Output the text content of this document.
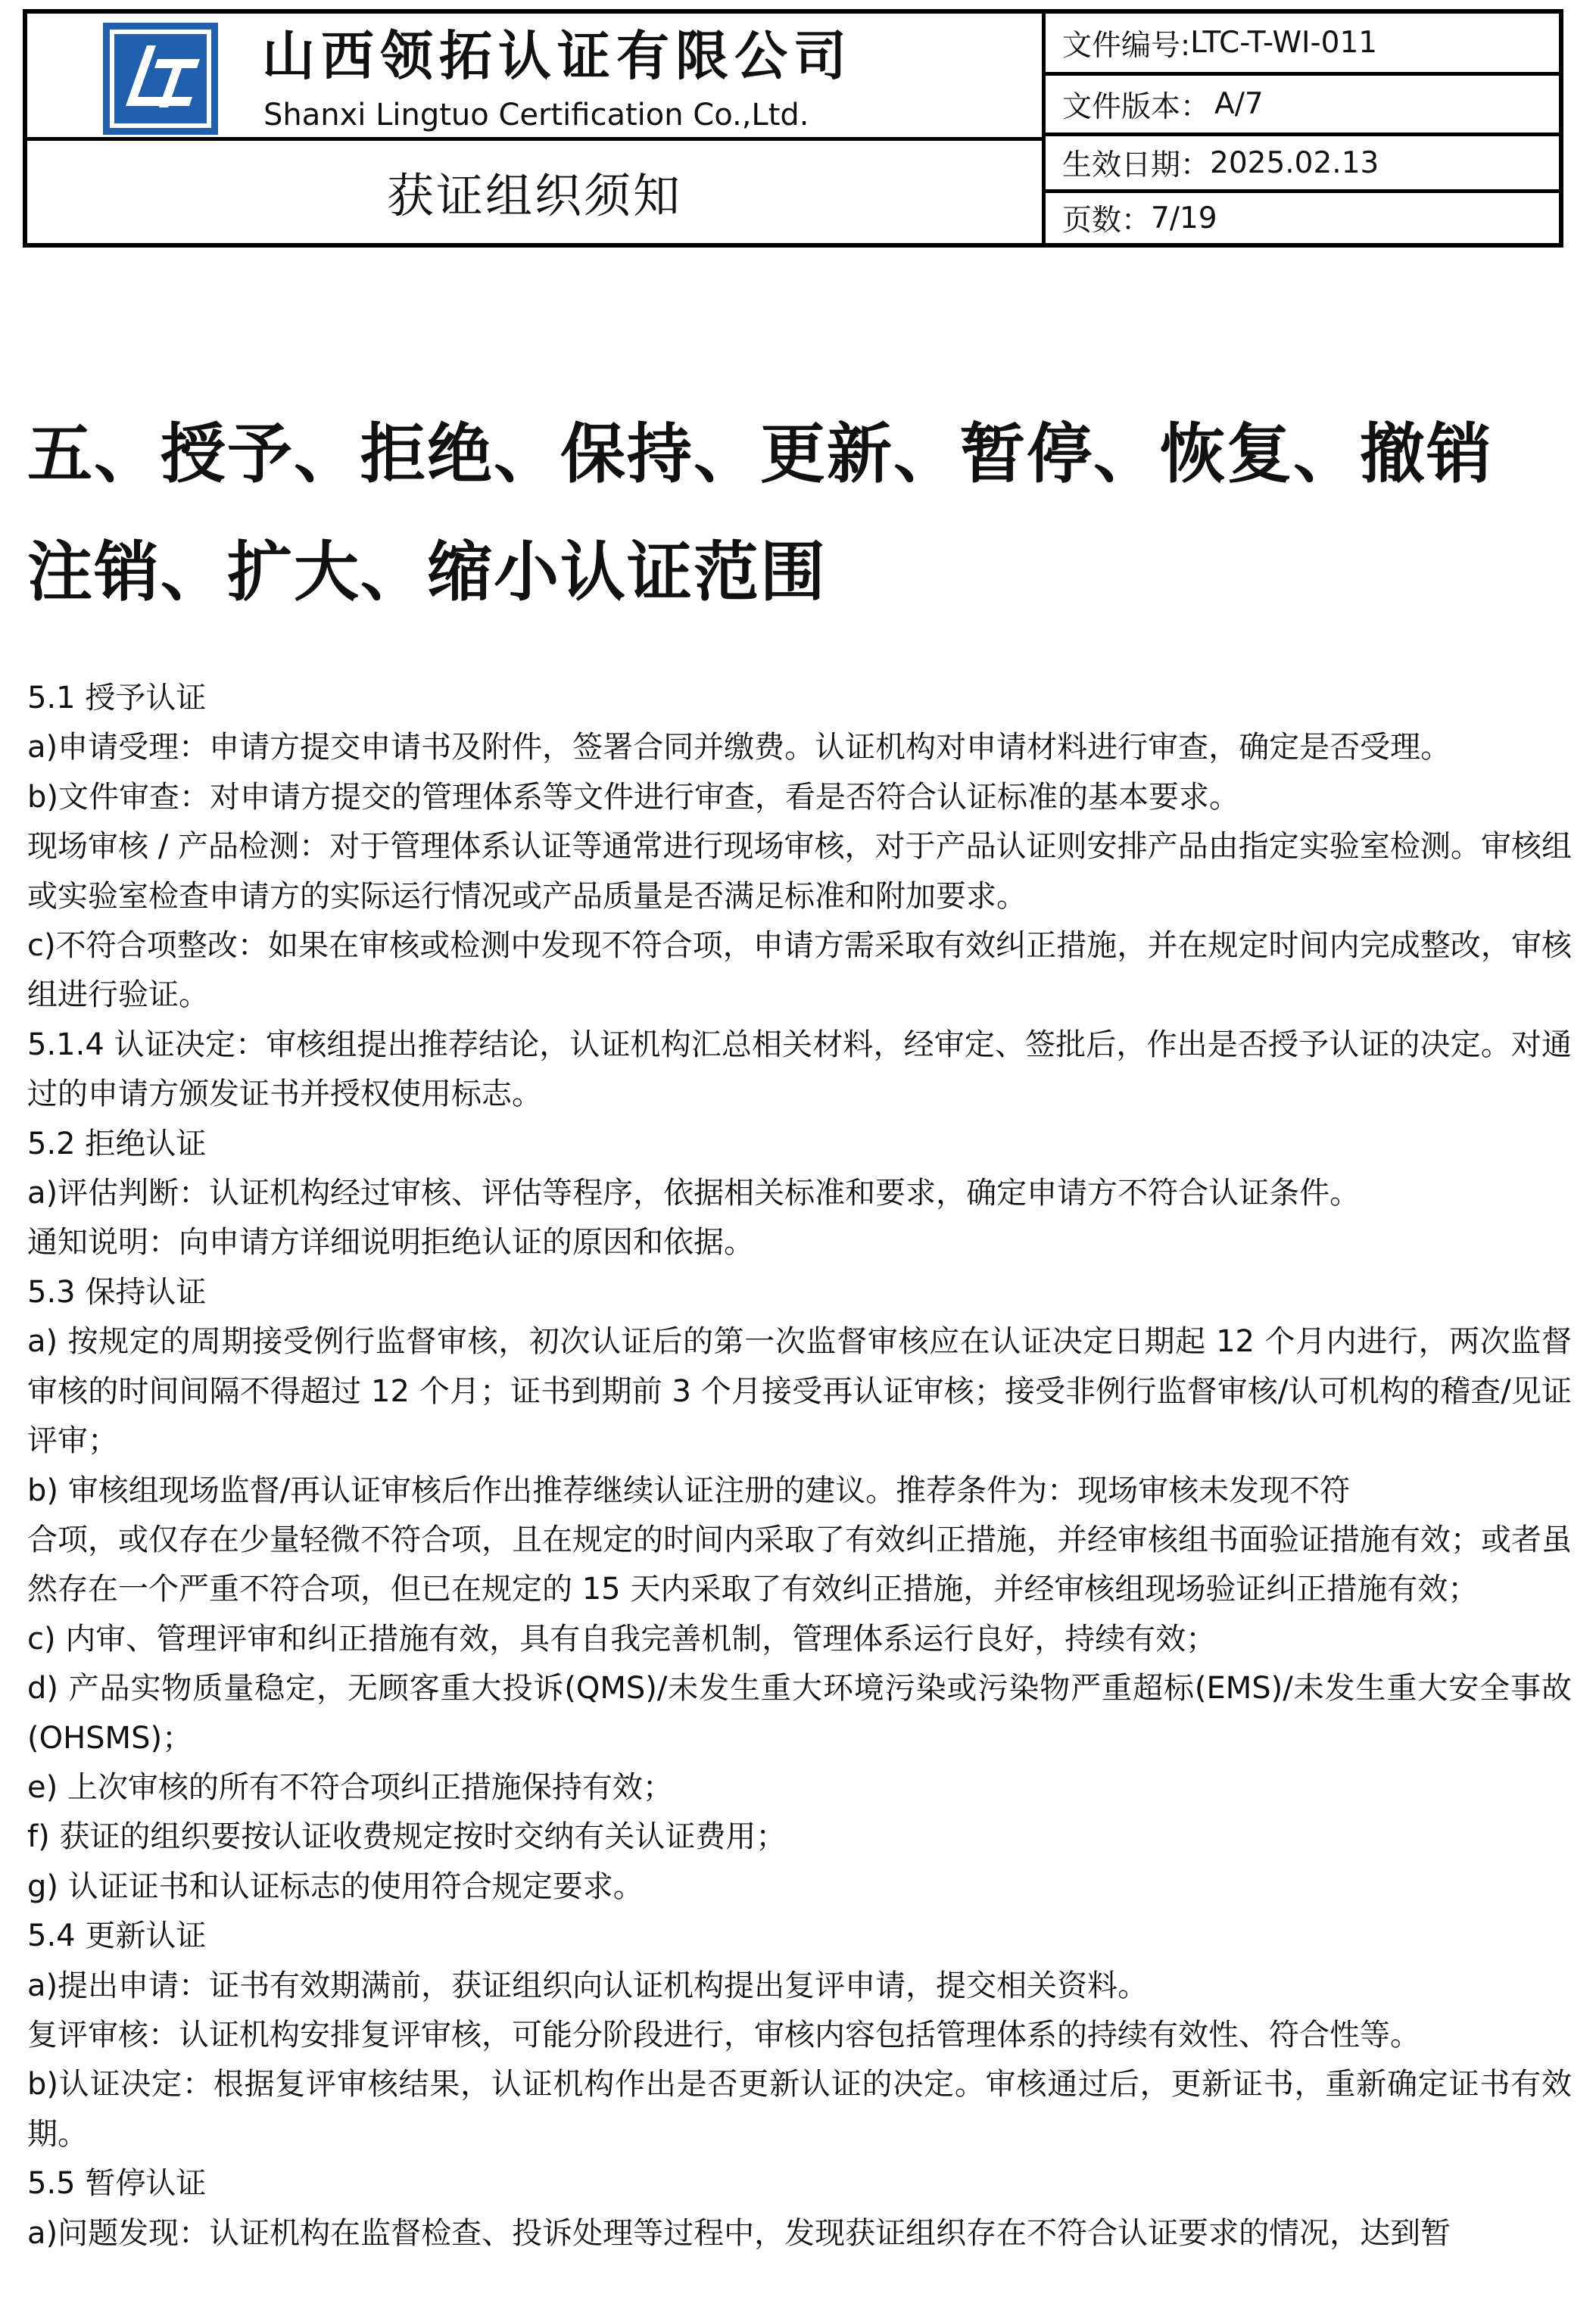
山西领拓认证有限公司
Shanxi Lingtuo Certification Co.,Ltd.
获证组织须知
文件编号: LTC-T-WI-011
文件版本： A/7
生效日期： 2025.02.13
页数： 7/19
五、授予、拒绝、保持、更新、暂停、恢复、撤销
注销、扩大、缩小认证范围

5.1 授予认证

a)申请受理：申请方提交申请书及附件，签署合同并缴费。认证机构对申请材料进行审查，确定是否受理。

b)文件审查：对申请方提交的管理体系等文件进行审查，看是否符合认证标准的基本要求。

现场审核 / 产品检测：对于管理体系认证等通常进行现场审核，对于产品认证则安排产品由指定实验室检测。审核组或实验室检查申请方的实际运行情况或产品质量是否满足标准和附加要求。

c)不符合项整改：如果在审核或检测中发现不符合项，申请方需采取有效纠正措施，并在规定时间内完成整改，审核组进行验证。

5.1.4 认证决定：审核组提出推荐结论，认证机构汇总相关材料，经审定、签批后，作出是否授予认证的决定。对通过的申请方颁发证书并授权使用标志。

5.2 拒绝认证

a)评估判断：认证机构经过审核、评估等程序，依据相关标准和要求，确定申请方不符合认证条件。

通知说明：向申请方详细说明拒绝认证的原因和依据。

5.3 保持认证

a) 按规定的周期接受例行监督审核，初次认证后的第一次监督审核应在认证决定日期起 12 个月内进行，两次监督审核的时间间隔不得超过 12 个月；证书到期前 3 个月接受再认证审核；接受非例行监督审核/认可机构的稽查/见证评审；

b) 审核组现场监督/再认证审核后作出推荐继续认证注册的建议。推荐条件为：现场审核未发现不符

合项，或仅存在少量轻微不符合项，且在规定的时间内采取了有效纠正措施，并经审核组书面验证措施有效；或者虽然存在一个严重不符合项，但已在规定的 15 天内采取了有效纠正措施，并经审核组现场验证纠正措施有效；

c) 内审、管理评审和纠正措施有效，具有自我完善机制，管理体系运行良好，持续有效；

d) 产品实物质量稳定，无顾客重大投诉(QMS)/未发生重大环境污染或污染物严重超标(EMS)/未发生重大安全事故(OHSMS)；

e) 上次审核的所有不符合项纠正措施保持有效；

f) 获证的组织要按认证收费规定按时交纳有关认证费用；

g) 认证证书和认证标志的使用符合规定要求。

5.4 更新认证

a)提出申请：证书有效期满前，获证组织向认证机构提出复评申请，提交相关资料。

复评审核：认证机构安排复评审核，可能分阶段进行，审核内容包括管理体系的持续有效性、符合性等。

b)认证决定：根据复评审核结果，认证机构作出是否更新认证的决定。审核通过后，更新证书，重新确定证书有效期。

5.5 暂停认证

a)问题发现：认证机构在监督检查、投诉处理等过程中，发现获证组织存在不符合认证要求的情况，达到暂
